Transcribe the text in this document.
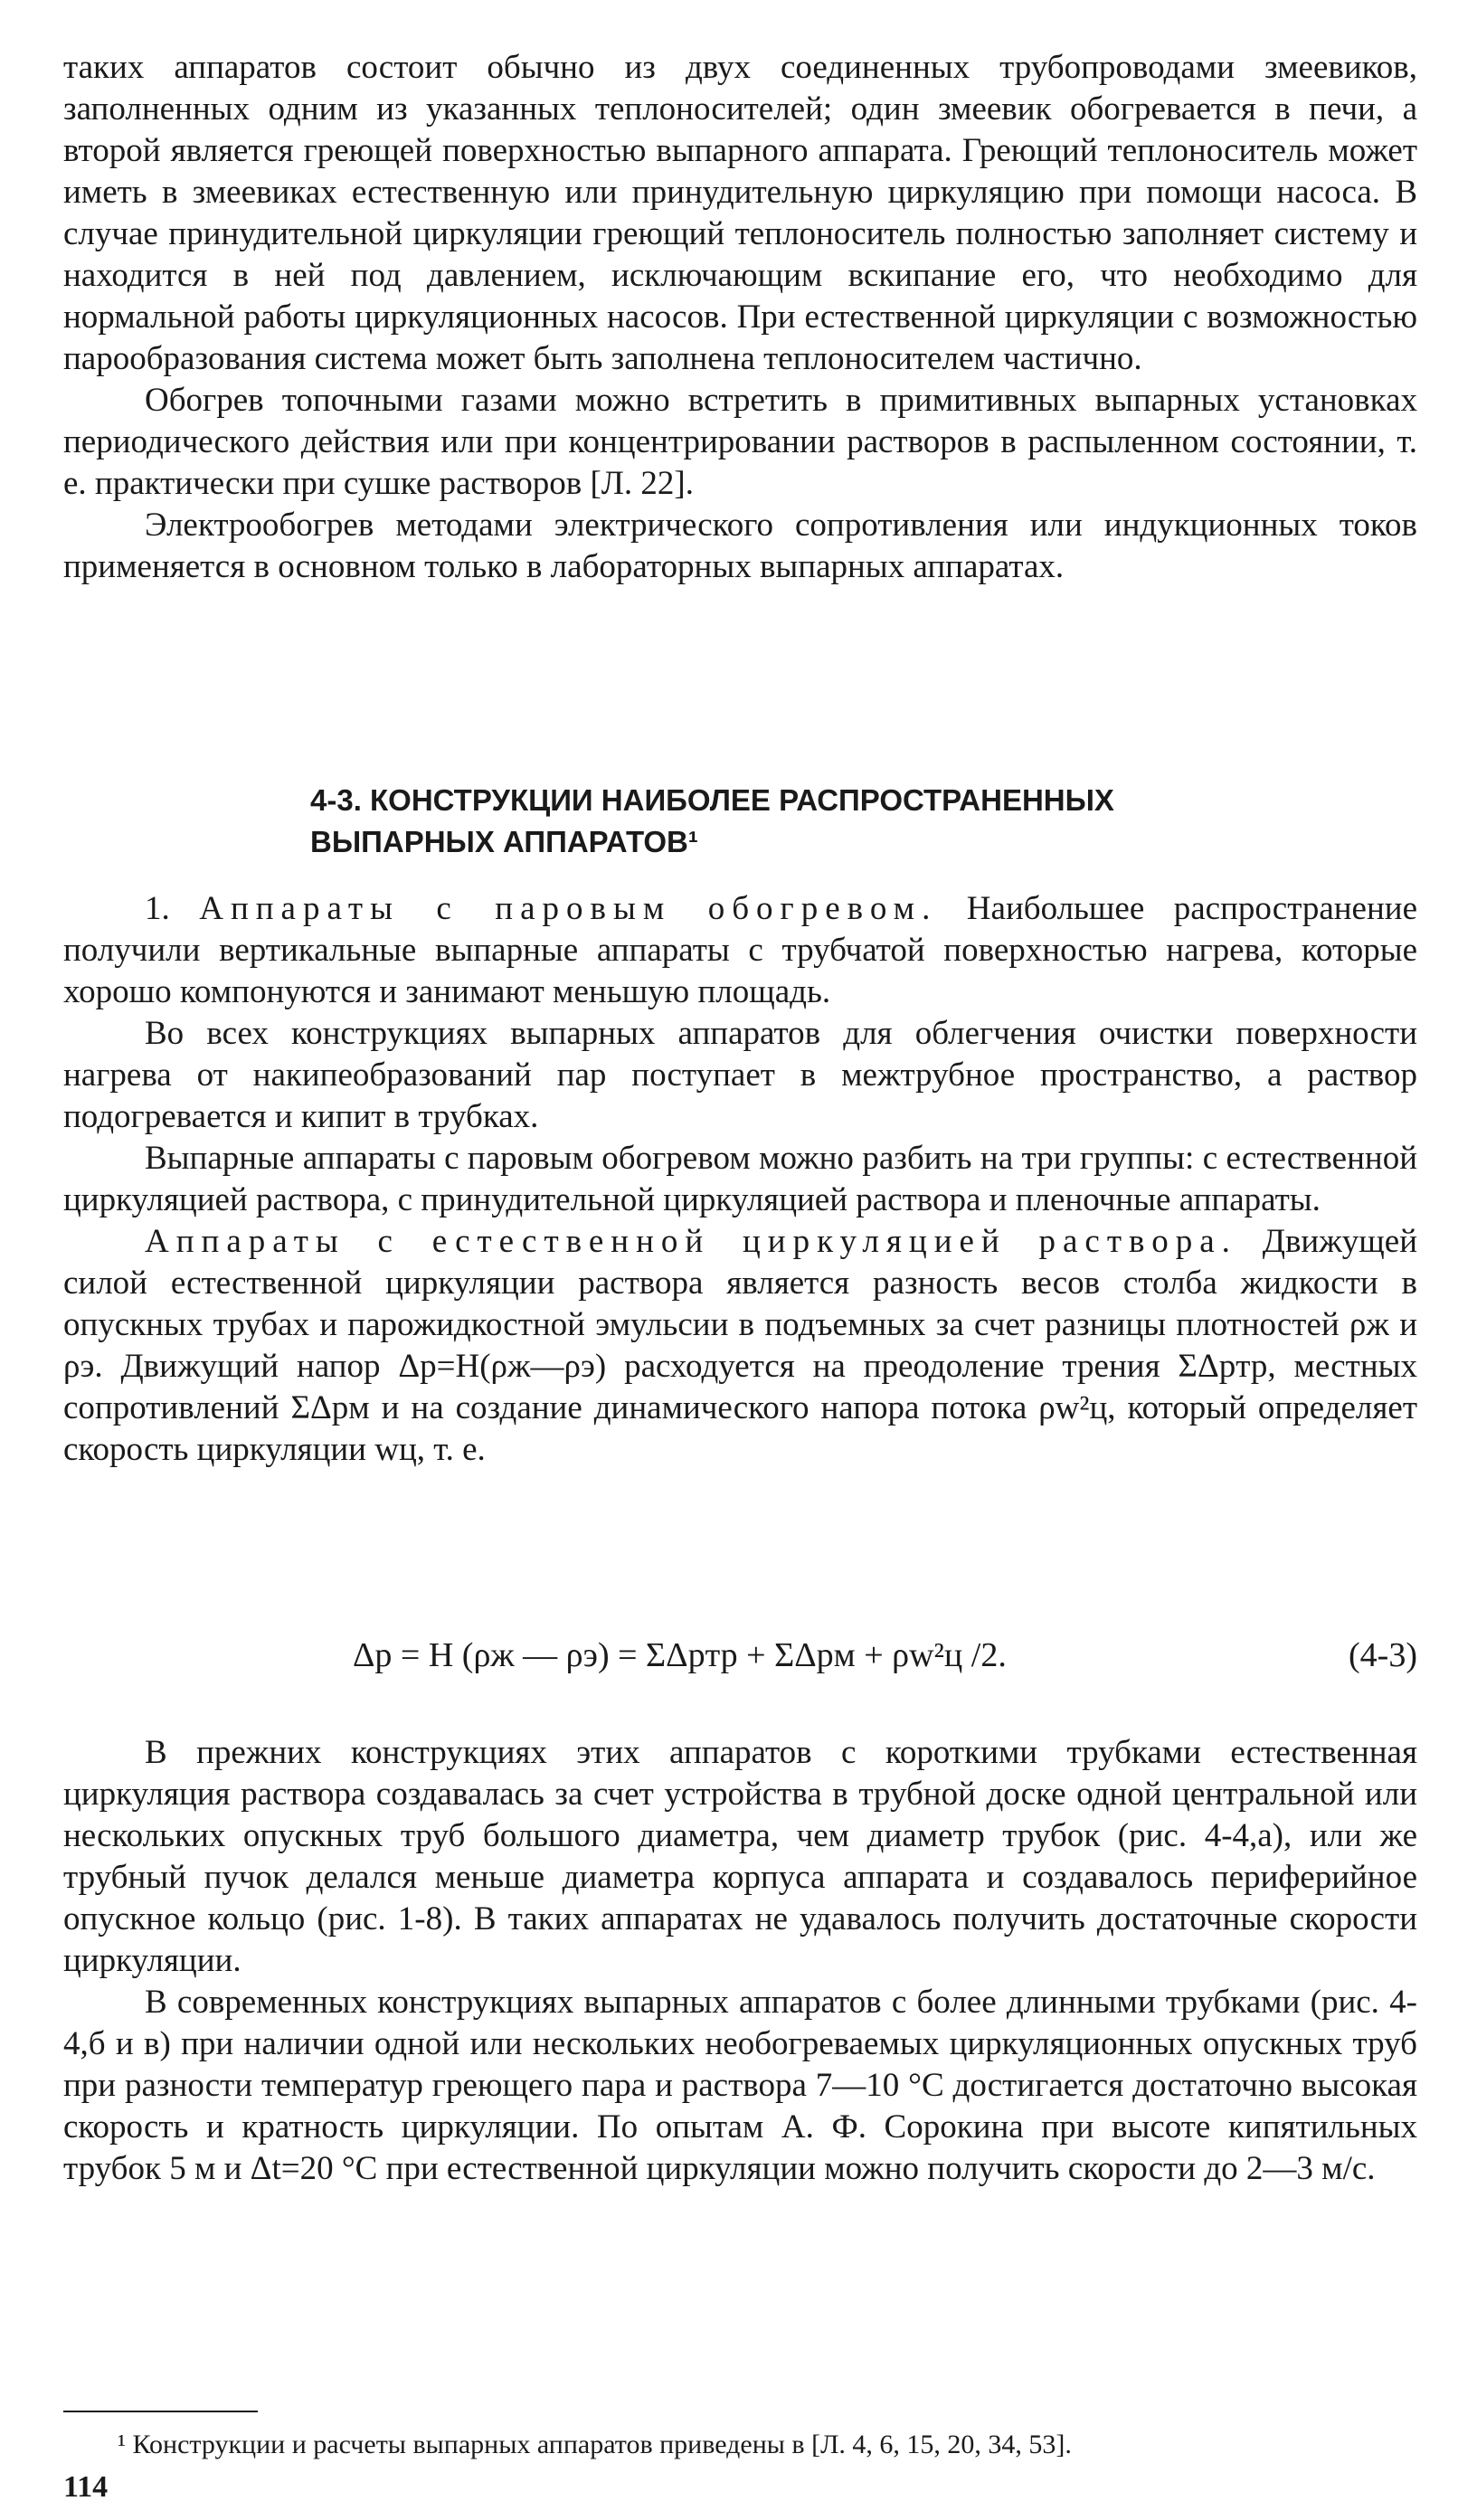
таких аппаратов состоит обычно из двух соединенных трубопроводами змеевиков, заполненных одним из указанных теплоносителей; один змеевик обогревается в печи, а второй является греющей поверхностью выпарного аппарата. Греющий теплоноситель может иметь в змеевиках естественную или принудительную циркуляцию при помощи насоса. В случае принудительной циркуляции греющий теплоноситель полностью заполняет систему и находится в ней под давлением, исключающим вскипание его, что необходимо для нормальной работы циркуляционных насосов. При естественной циркуляции с возможностью парообразования система может быть заполнена теплоносителем частично.

Обогрев топочными газами можно встретить в примитивных выпарных установках периодического действия или при концентрировании растворов в распыленном состоянии, т. е. практически при сушке растворов [Л. 22].

Электрообогрев методами электрического сопротивления или индукционных токов применяется в основном только в лабораторных выпарных аппаратах.

4-3. КОНСТРУКЦИИ НАИБОЛЕЕ РАСПРОСТРАНЕННЫХ
ВЫПАРНЫХ АППАРАТОВ¹

1. Аппараты с паровым обогревом. Наибольшее распространение получили вертикальные выпарные аппараты с трубчатой поверхностью нагрева, которые хорошо компонуются и занимают меньшую площадь.

Во всех конструкциях выпарных аппаратов для облегчения очистки поверхности нагрева от накипеобразований пар поступает в межтрубное пространство, а раствор подогревается и кипит в трубках.

Выпарные аппараты с паровым обогревом можно разбить на три группы: с естественной циркуляцией раствора, с принудительной циркуляцией раствора и пленочные аппараты.

Аппараты с естественной циркуляцией раствора. Движущей силой естественной циркуляции раствора является разность весов столба жидкости в опускных трубах и парожидкостной эмульсии в подъемных за счет разницы плотностей ρж и ρэ. Движущий напор Δp=H(ρж—ρэ) расходуется на преодоление трения ΣΔpтр, местных сопротивлений ΣΔpм и на создание динамического напора потока ρw²ц, который определяет скорость циркуляции wц, т. е.

Δp = H (ρж — ρэ) = ΣΔpтр + ΣΔpм + ρw²ц /2.	(4-3)

В прежних конструкциях этих аппаратов с короткими трубками естественная циркуляция раствора создавалась за счет устройства в трубной доске одной центральной или нескольких опускных труб большого диаметра, чем диаметр трубок (рис. 4-4,а), или же трубный пучок делался меньше диаметра корпуса аппарата и создавалось периферийное опускное кольцо (рис. 1-8). В таких аппаратах не удавалось получить достаточные скорости циркуляции.

В современных конструкциях выпарных аппаратов с более длинными трубками (рис. 4-4,б и в) при наличии одной или нескольких необогреваемых циркуляционных опускных труб при разности температур греющего пара и раствора 7—10 °C достигается достаточно высокая скорость и кратность циркуляции. По опытам А. Ф. Сорокина при высоте кипятильных трубок 5 м и Δt=20 °C при естественной циркуляции можно получить скорости до 2—3 м/с.

¹ Конструкции и расчеты выпарных аппаратов приведены в [Л. 4, 6, 15, 20, 34, 53].
114
